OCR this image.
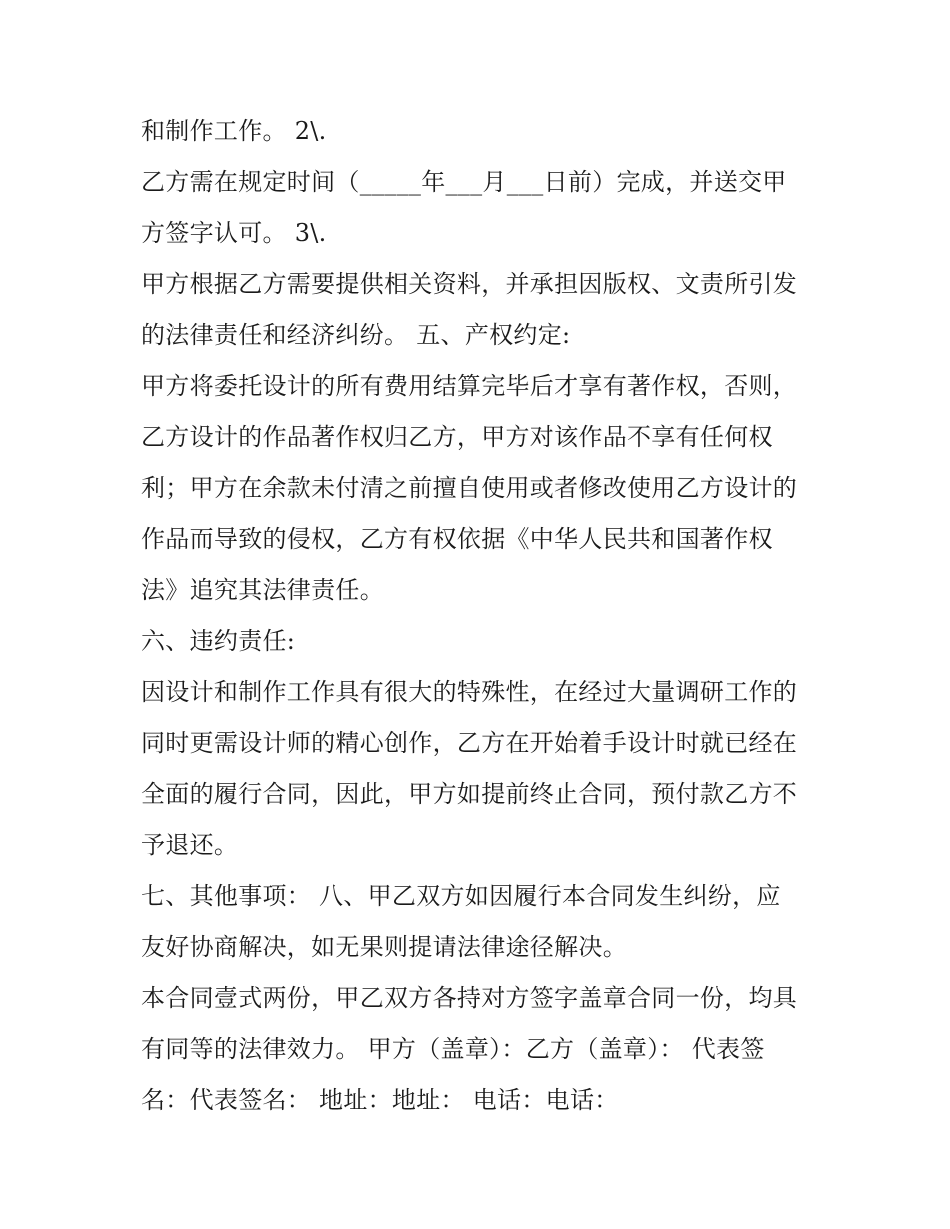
和制作工作。 2\.
乙方需在规定时间（_____年___月___日前）完成，并送交甲
方签字认可。 3\.
甲方根据乙方需要提供相关资料，并承担因版权、文责所引发
的法律责任和经济纠纷。 五、产权约定:
甲方将委托设计的所有费用结算完毕后才享有著作权，否则，
乙方设计的作品著作权归乙方，甲方对该作品不享有任何权
利；甲方在余款未付清之前擅自使用或者修改使用乙方设计的
作品而导致的侵权，乙方有权依据《中华人民共和国著作权
法》追究其法律责任。
六、违约责任:
因设计和制作工作具有很大的特殊性，在经过大量调研工作的
同时更需设计师的精心创作，乙方在开始着手设计时就已经在
全面的履行合同，因此，甲方如提前终止合同，预付款乙方不
予退还。
七、其他事项： 八、甲乙双方如因履行本合同发生纠纷，应
友好协商解决，如无果则提请法律途径解决。
本合同壹式两份，甲乙双方各持对方签字盖章合同一份，均具
有同等的法律效力。 甲方（盖章）：乙方（盖章）： 代表签
名：代表签名： 地址：地址： 电话：电话：
